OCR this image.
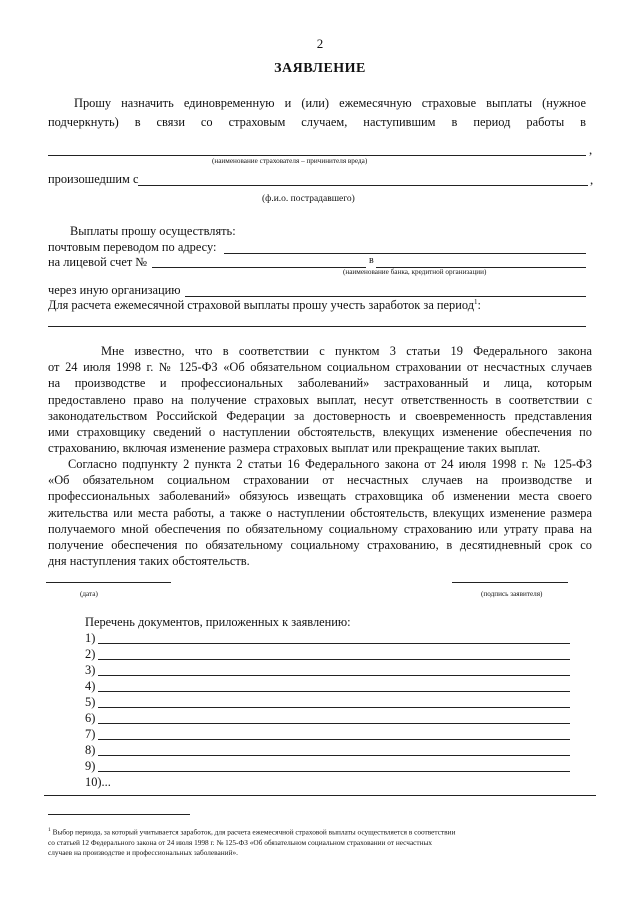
2
ЗАЯВЛЕНИЕ
Прошу назначить единовременную и (или) ежемесячную страховые выплаты (нужное
подчеркнуть) в связи со страховым случаем, наступившим в период работы в
,
(наименование страхователя – причинителя вреда)
произошедшим с	,
(ф.и.о. пострадавшего)
Выплаты прошу осуществлять:
почтовым переводом по адресу:
на лицевой счет №	в
(наименование банка, кредитной организации)
через иную организацию
Для расчета ежемесячной страховой выплаты прошу учесть заработок за период$^1$:
Мне известно, что в соответствии с пунктом 3 статьи 19 Федерального закона
от 24 июля 1998 г. № 125-ФЗ «Об обязательном социальном страховании от несчастных случаев
на производстве и профессиональных заболеваний» застрахованный и лица, которым
предоставлено право на получение страховых выплат, несут ответственность в соответствии с
законодательством Российской Федерации за достоверность и своевременность представления
ими страховщику сведений о наступлении обстоятельств, влекущих изменение обеспечения по
страхованию, включая изменение размера страховых выплат или прекращение таких выплат.
Согласно подпункту 2 пункта 2 статьи 16 Федерального закона от 24 июля 1998 г. № 125-ФЗ
«Об обязательном социальном страховании от несчастных случаев на производстве и
профессиональных заболеваний» обязуюсь извещать страховщика об изменении места своего
жительства или места работы, а также о наступлении обстоятельств, влекущих изменение размера
получаемого мной обеспечения по обязательному социальному страхованию или утрату права на
получение обеспечения по обязательному социальному страхованию, в десятидневный срок со
дня наступления таких обстоятельств.
(дата)	(подпись заявителя)
Перечень документов, приложенных к заявлению:
1)
2)
3)
4)
5)
6)
7)
8)
9)
10)...
$^1$ Выбор периода, за который учитывается заработок, для расчета ежемесячной страховой выплаты осуществляется в соответствии
со статьей 12 Федерального закона от 24 июля 1998 г. № 125-ФЗ «Об обязательном социальном страховании от несчастных
случаев на производстве и профессиональных заболеваний».
